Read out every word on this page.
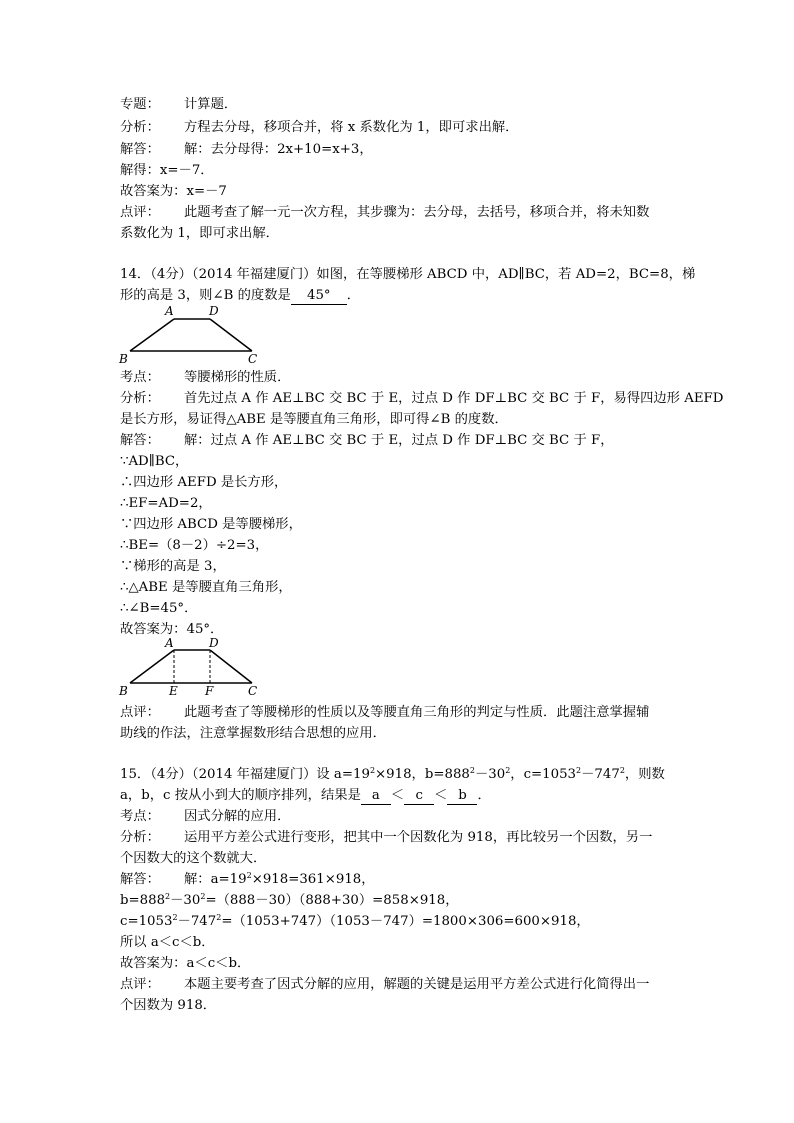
专题： 计算题．
分析： 方程去分母，移项合并，将 x 系数化为 1，即可求出解．
解答： 解：去分母得：2x+10=x+3，
解得：x=－7．
故答案为：x=－7
点评： 此题考查了解一元一次方程，其步骤为：去分母，去括号，移项合并，将未知数
系数化为 1，即可求出解．
14．（4分）（2014 年福建厦门）如图，在等腰梯形 ABCD 中，AD∥BC，若 AD=2，BC=8，梯
形的高是 3，则∠B 的度数是 45° ．
A	D
B	C
考点： 等腰梯形的性质．
分析： 首先过点 A 作 AE⊥BC 交 BC 于 E，过点 D 作 DF⊥BC 交 BC 于 F，易得四边形 AEFD
是长方形，易证得△ABE 是等腰直角三角形，即可得∠B 的度数．
解答： 解：过点 A 作 AE⊥BC 交 BC 于 E，过点 D 作 DF⊥BC 交 BC 于 F，
∵AD∥BC，
∴四边形 AEFD 是长方形，
∴EF=AD=2，
∵四边形 ABCD 是等腰梯形，
∴BE=（8－2）÷2=3，
∵梯形的高是 3，
∴△ABE 是等腰直角三角形，
∴∠B=45°．
故答案为：45°．
A	D
B	E F	C
点评： 此题考查了等腰梯形的性质以及等腰直角三角形的判定与性质．此题注意掌握辅
助线的作法，注意掌握数形结合思想的应用．
15．（4分）（2014 年福建厦门）设 $a=19^2\times 918$，$b=888^2-30^2$，$c=1053^2-747^2$，则数
a，b，c 按从小到大的顺序排列，结果是 a ＜ c ＜ b ．
考点： 因式分解的应用．
分析： 运用平方差公式进行变形，把其中一个因数化为 918，再比较另一个因数，另一
个因数大的这个数就大．
解答： 解：$a=19^2\times 918=361\times 918$，
$b=888^2-30^2=(888-30)(888+30)=858\times 918$，
$c=1053^2-747^2=(1053+747)(1053-747)=1800\times 306=600\times 918$，
所以 a＜c＜b．
故答案为：a＜c＜b．
点评： 本题主要考查了因式分解的应用，解题的关键是运用平方差公式进行化简得出一
个因数为 918．
